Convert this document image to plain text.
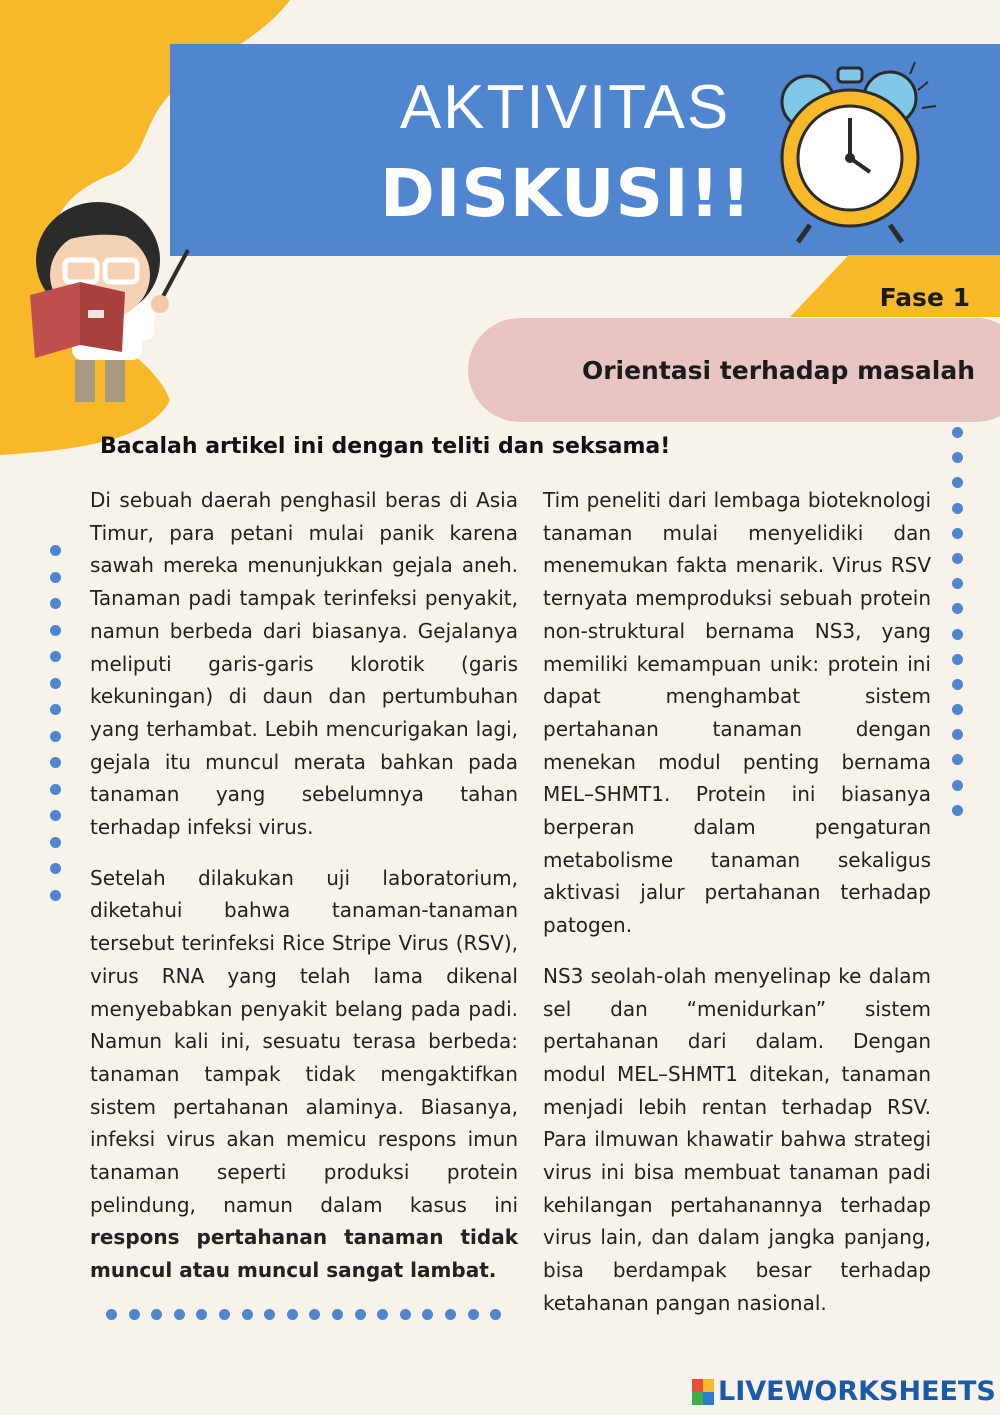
AKTIVITAS
DISKUSI!!
Fase 1
Orientasi terhadap masalah
Bacalah artikel ini dengan teliti dan seksama!

Di sebuah daerah penghasil beras di Asia Timur, para petani mulai panik karena sawah mereka menunjukkan gejala aneh. Tanaman padi tampak terinfeksi penyakit, namun berbeda dari biasanya. Gejalanya meliputi garis-garis klorotik (garis kekuningan) di daun dan pertumbuhan yang terhambat. Lebih mencurigakan lagi, gejala itu muncul merata bahkan pada tanaman yang sebelumnya tahan terhadap infeksi virus.

Setelah dilakukan uji laboratorium, diketahui bahwa tanaman-tanaman tersebut terinfeksi Rice Stripe Virus (RSV), virus RNA yang telah lama dikenal menyebabkan penyakit belang pada padi. Namun kali ini, sesuatu terasa berbeda: tanaman tampak tidak mengaktifkan sistem pertahanan alaminya. Biasanya, infeksi virus akan memicu respons imun tanaman seperti produksi protein pelindung, namun dalam kasus ini respons pertahanan tanaman tidak muncul atau muncul sangat lambat.

Tim peneliti dari lembaga bioteknologi tanaman mulai menyelidiki dan menemukan fakta menarik. Virus RSV ternyata memproduksi sebuah protein non-struktural bernama NS3, yang memiliki kemampuan unik: protein ini dapat menghambat sistem pertahanan tanaman dengan menekan modul penting bernama MEL–SHMT1. Protein ini biasanya berperan dalam pengaturan metabolisme tanaman sekaligus aktivasi jalur pertahanan terhadap patogen.

NS3 seolah-olah menyelinap ke dalam sel dan “menidurkan” sistem pertahanan dari dalam. Dengan modul MEL–SHMT1 ditekan, tanaman menjadi lebih rentan terhadap RSV. Para ilmuwan khawatir bahwa strategi virus ini bisa membuat tanaman padi kehilangan pertahanannya terhadap virus lain, dan dalam jangka panjang, bisa berdampak besar terhadap ketahanan pangan nasional.

LIVEWORKSHEETS
